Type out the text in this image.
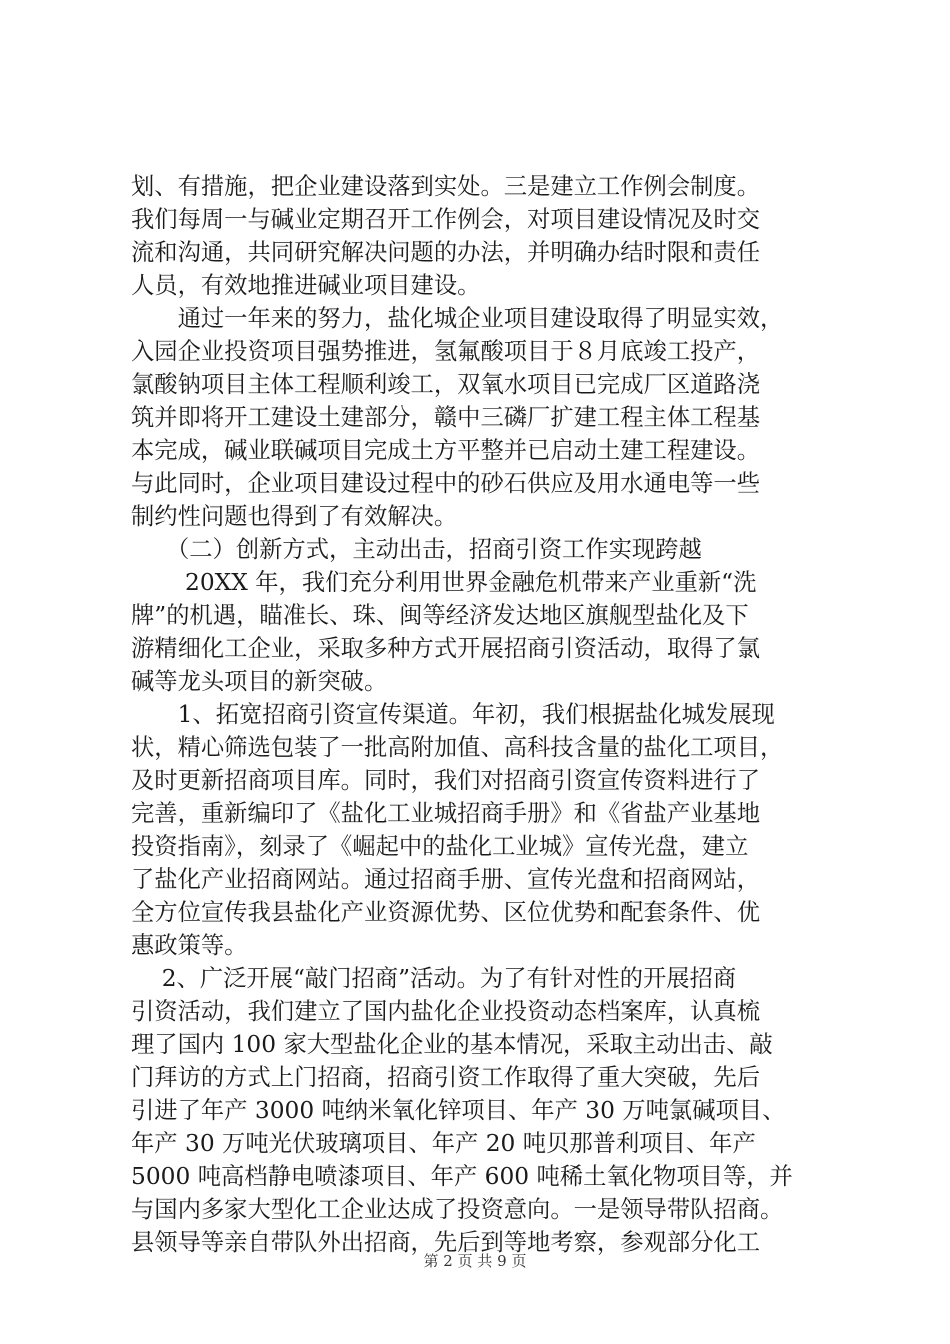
划、有措施，把企业建设落到实处。三是建立工作例会制度。
我们每周一与碱业定期召开工作例会，对项目建设情况及时交
流和沟通，共同研究解决问题的办法，并明确办结时限和责任
人员，有效地推进碱业项目建设。
　　通过一年来的努力，盐化城企业项目建设取得了明显实效，
入园企业投资项目强势推进，氢氟酸项目于８月底竣工投产，
氯酸钠项目主体工程顺利竣工，双氧水项目已完成厂区道路浇
筑并即将开工建设土建部分，赣中三磷厂扩建工程主体工程基
本完成，碱业联碱项目完成土方平整并已启动土建工程建设。
与此同时，企业项目建设过程中的砂石供应及用水通电等一些
制约性问题也得到了有效解决。
　　（二）创新方式，主动出击，招商引资工作实现跨越
　　 20XX 年，我们充分利用世界金融危机带来产业重新“洗
牌”的机遇，瞄准长、珠、闽等经济发达地区旗舰型盐化及下
游精细化工企业，采取多种方式开展招商引资活动，取得了氯
碱等龙头项目的新突破。
　　1、拓宽招商引资宣传渠道。年初，我们根据盐化城发展现
状，精心筛选包装了一批高附加值、高科技含量的盐化工项目，
及时更新招商项目库。同时，我们对招商引资宣传资料进行了
完善，重新编印了《盐化工业城招商手册》和《省盐产业基地
投资指南》，刻录了《崛起中的盐化工业城》宣传光盘，建立
了盐化产业招商网站。通过招商手册、宣传光盘和招商网站，
全方位宣传我县盐化产业资源优势、区位优势和配套条件、优
惠政策等。
　 2、广泛开展“敲门招商”活动。为了有针对性的开展招商
引资活动，我们建立了国内盐化企业投资动态档案库，认真梳
理了国内 100 家大型盐化企业的基本情况，采取主动出击、敲
门拜访的方式上门招商，招商引资工作取得了重大突破，先后
引进了年产 3000 吨纳米氧化锌项目、年产 30 万吨氯碱项目、
年产 30 万吨光伏玻璃项目、年产 20 吨贝那普利项目、年产
5000 吨高档静电喷漆项目、年产 600 吨稀土氧化物项目等，并
与国内多家大型化工企业达成了投资意向。一是领导带队招商。
县领导等亲自带队外出招商，先后到等地考察，参观部分化工
第 2 页 共 9 页
